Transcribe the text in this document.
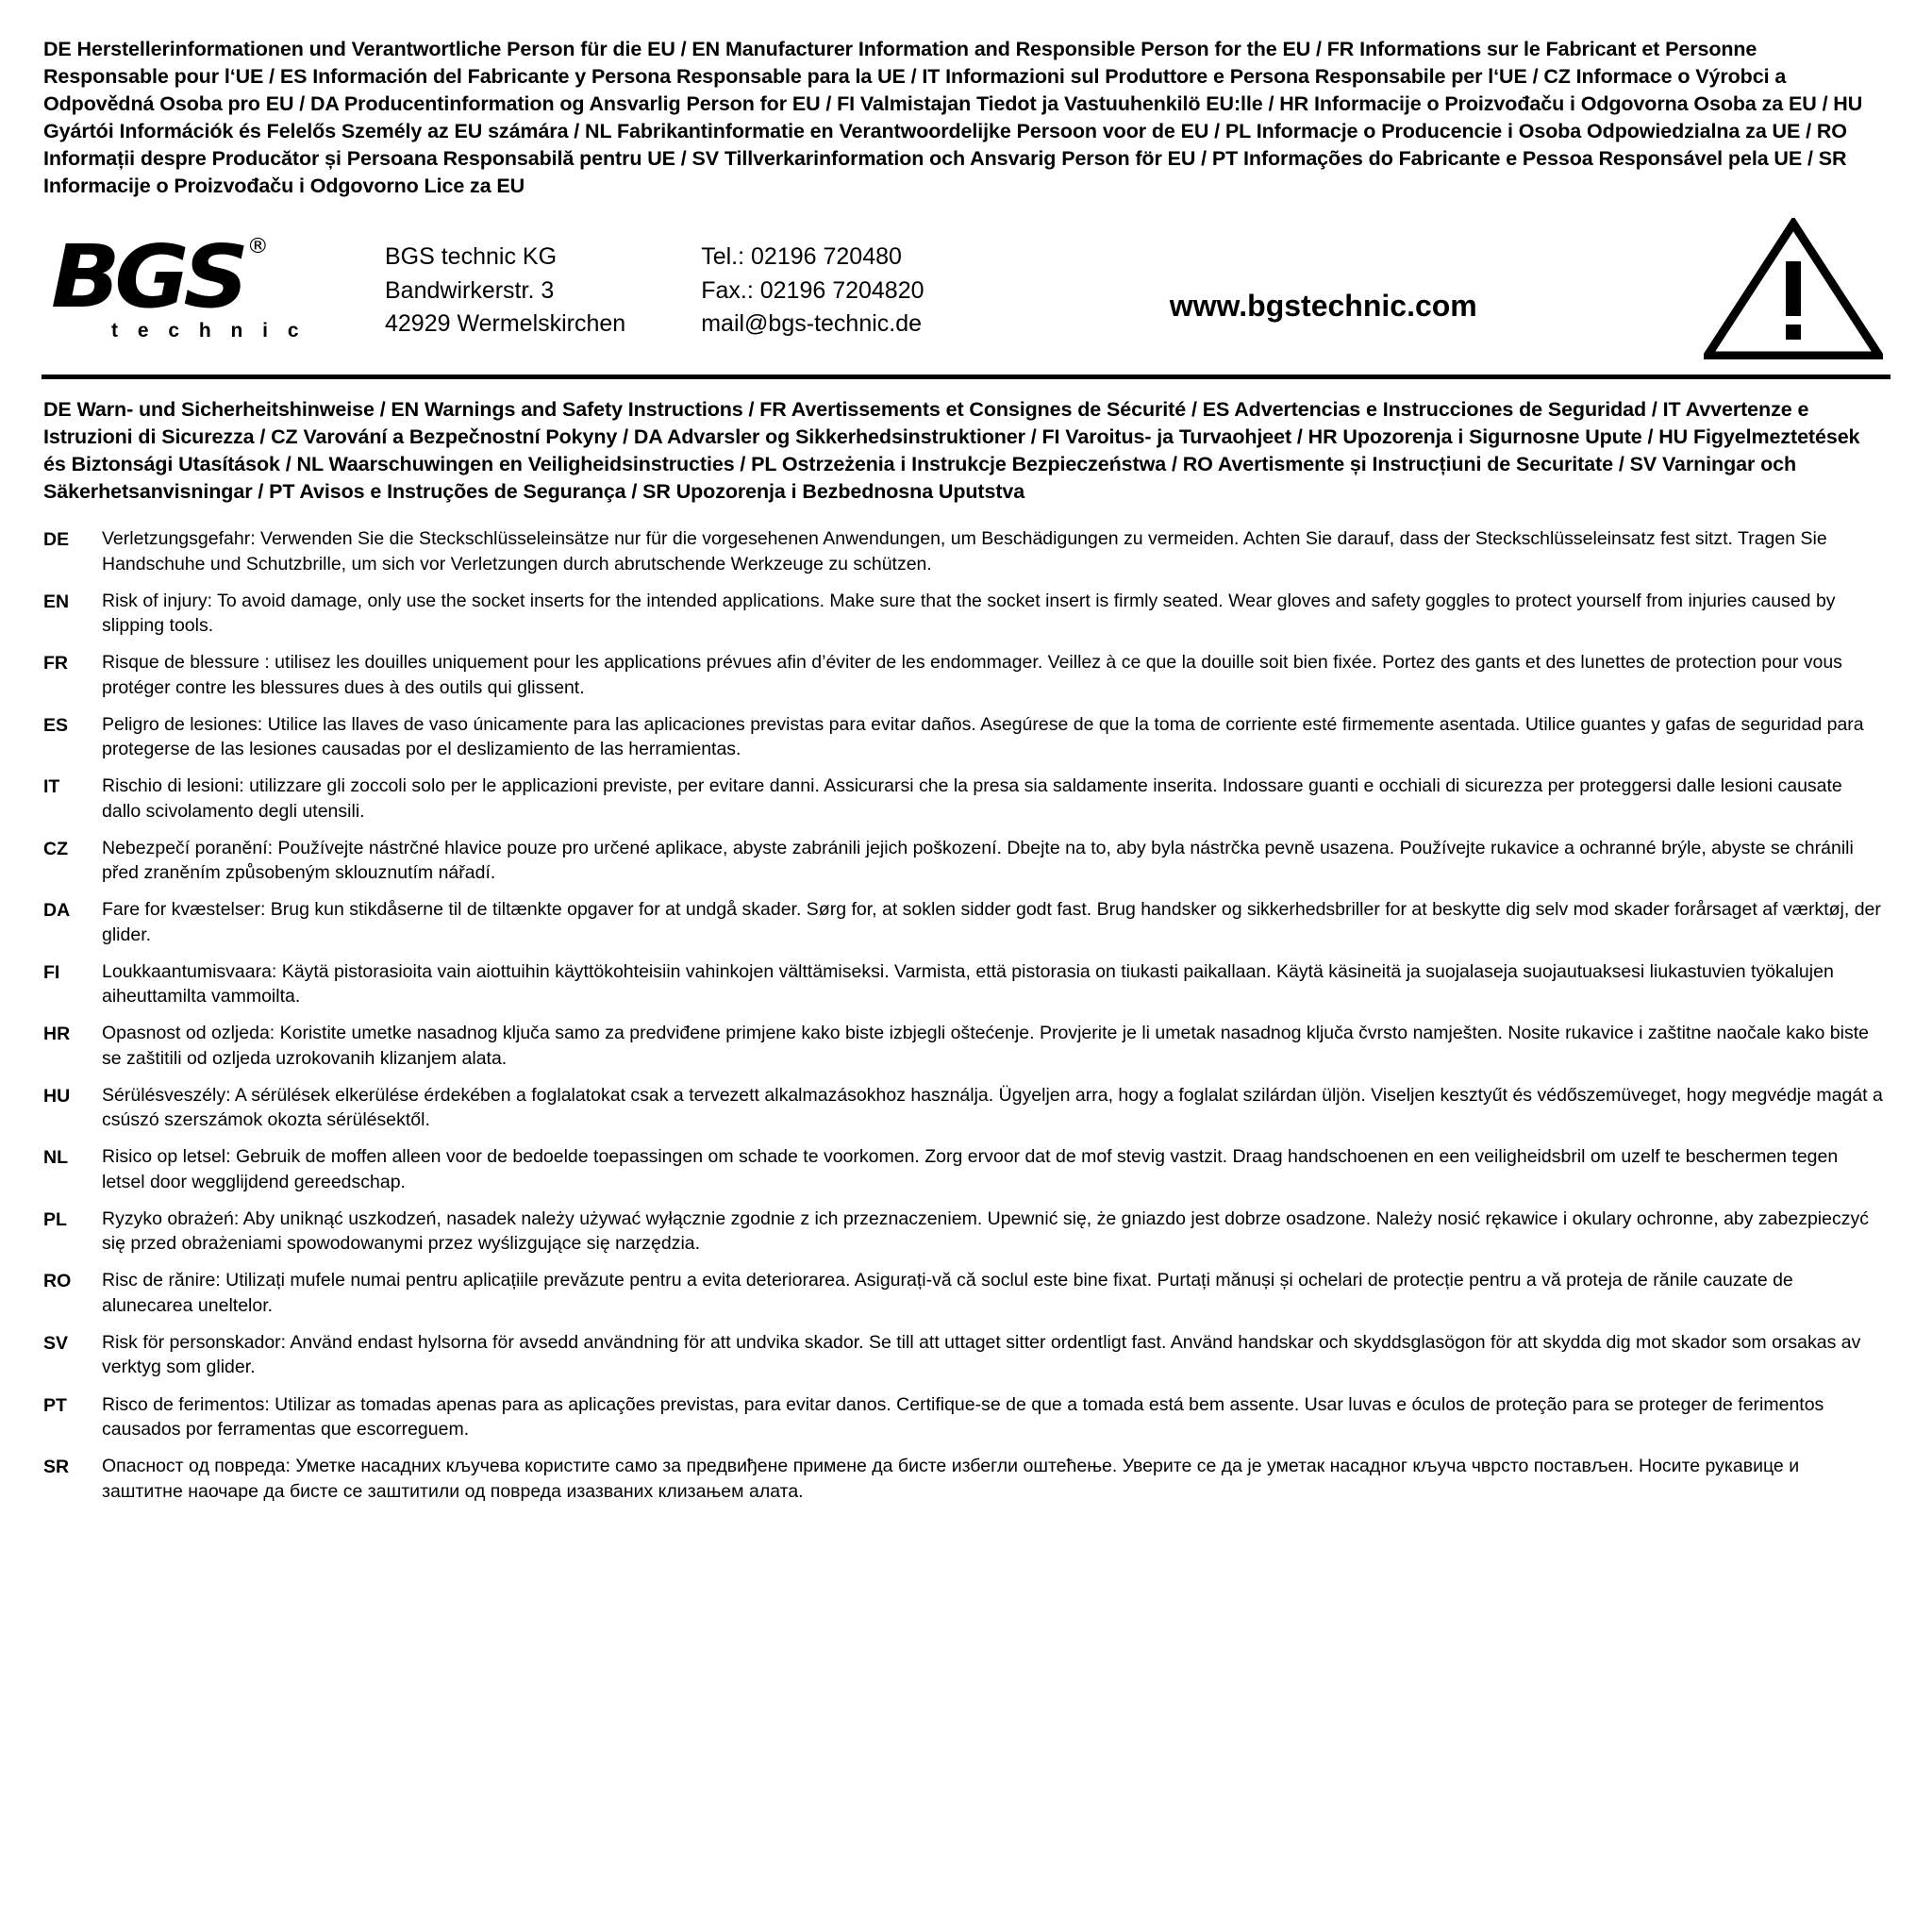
DE Herstellerinformationen und Verantwortliche Person für die EU / EN Manufacturer Information and Responsible Person for the EU / FR Informations sur le Fabricant et Personne Responsable pour l‘UE / ES Información del Fabricante y Persona Responsable para la UE / IT Informazioni sul Produttore e Persona Responsabile per l‘UE / CZ Informace o Výrobci a Odpovědná Osoba pro EU / DA Producentinformation og Ansvarlig Person for EU / FI Valmistajan Tiedot ja Vastuuhenkilö EU:lle / HR Informacije o Proizvođaču i Odgovorna Osoba za EU / HU Gyártói Információk és Felelős Személy az EU számára / NL Fabrikantinformatie en Verantwoordelijke Persoon voor de EU / PL Informacje o Producencie i Osoba Odpowiedzialna za UE / RO Informații despre Producător și Persoana Responsabilă pentru UE / SV Tillverkarinformation och Ansvarig Person för EU / PT Informações do Fabricante e Pessoa Responsável pela UE / SR Informacije o Proizvođaču i Odgovorno Lice za EU
BGS ®
t e c h n i c
BGS technic KG
Bandwirkerstr. 3
42929 Wermelskirchen
Tel.: 02196 720480
Fax.: 02196 7204820
mail@bgs-technic.de
www.bgstechnic.com
DE Warn- und Sicherheitshinweise / EN Warnings and Safety Instructions / FR Avertissements et Consignes de Sécurité / ES Advertencias e Instrucciones de Seguridad / IT Avvertenze e Istruzioni di Sicurezza / CZ Varování a Bezpečnostní Pokyny / DA Advarsler og Sikkerhedsinstruktioner / FI Varoitus- ja Turvaohjeet / HR Upozorenja i Sigurnosne Upute / HU Figyelmeztetések és Biztonsági Utasítások / NL Waarschuwingen en Veiligheidsinstructies / PL Ostrzeżenia i Instrukcje Bezpieczeństwa / RO Avertismente și Instrucțiuni de Securitate / SV Varningar och Säkerhetsanvisningar / PT Avisos e Instruções de Segurança / SR Upozorenja i Bezbednosna Uputstva
DE	Verletzungsgefahr: Verwenden Sie die Steckschlüsseleinsätze nur für die vorgesehenen Anwendungen, um Beschädigungen zu vermeiden. Achten Sie darauf, dass der Steckschlüsseleinsatz fest sitzt. Tragen Sie Handschuhe und Schutzbrille, um sich vor Verletzungen durch abrutschende Werkzeuge zu schützen.
EN	Risk of injury: To avoid damage, only use the socket inserts for the intended applications. Make sure that the socket insert is firmly seated. Wear gloves and safety goggles to protect yourself from injuries caused by slipping tools.
FR	Risque de blessure : utilisez les douilles uniquement pour les applications prévues afin d’éviter de les endommager. Veillez à ce que la douille soit bien fixée. Portez des gants et des lunettes de protection pour vous protéger contre les blessures dues à des outils qui glissent.
ES	Peligro de lesiones: Utilice las llaves de vaso únicamente para las aplicaciones previstas para evitar daños. Asegúrese de que la toma de corriente esté firmemente asentada. Utilice guantes y gafas de seguridad para protegerse de las lesiones causadas por el deslizamiento de las herramientas.
IT	Rischio di lesioni: utilizzare gli zoccoli solo per le applicazioni previste, per evitare danni. Assicurarsi che la presa sia saldamente inserita. Indossare guanti e occhiali di sicurezza per proteggersi dalle lesioni causate dallo scivolamento degli utensili.
CZ	Nebezpečí poranění: Používejte nástrčné hlavice pouze pro určené aplikace, abyste zabránili jejich poškození. Dbejte na to, aby byla nástrčka pevně usazena. Používejte rukavice a ochranné brýle, abyste se chránili před zraněním způsobeným sklouznutím nářadí.
DA	Fare for kvæstelser: Brug kun stikdåserne til de tiltænkte opgaver for at undgå skader. Sørg for, at soklen sidder godt fast. Brug handsker og sikkerhedsbriller for at beskytte dig selv mod skader forårsaget af værktøj, der glider.
FI	Loukkaantumisvaara: Käytä pistorasioita vain aiottuihin käyttökohteisiin vahinkojen välttämiseksi. Varmista, että pistorasia on tiukasti paikallaan. Käytä käsineitä ja suojalaseja suojautuaksesi liukastuvien työkalujen aiheuttamilta vammoilta.
HR	Opasnost od ozljeda: Koristite umetke nasadnog ključa samo za predviđene primjene kako biste izbjegli oštećenje. Provjerite je li umetak nasadnog ključa čvrsto namješten. Nosite rukavice i zaštitne naočale kako biste se zaštitili od ozljeda uzrokovanih klizanjem alata.
HU	Sérülésveszély: A sérülések elkerülése érdekében a foglalatokat csak a tervezett alkalmazásokhoz használja. Ügyeljen arra, hogy a foglalat szilárdan üljön. Viseljen kesztyűt és védőszemüveget, hogy megvédje magát a csúszó szerszámok okozta sérülésektől.
NL	Risico op letsel: Gebruik de moffen alleen voor de bedoelde toepassingen om schade te voorkomen. Zorg ervoor dat de mof stevig vastzit. Draag handschoenen en een veiligheidsbril om uzelf te beschermen tegen letsel door wegglijdend gereedschap.
PL	Ryzyko obrażeń: Aby uniknąć uszkodzeń, nasadek należy używać wyłącznie zgodnie z ich przeznaczeniem. Upewnić się, że gniazdo jest dobrze osadzone. Należy nosić rękawice i okulary ochronne, aby zabezpieczyć się przed obrażeniami spowodowanymi przez wyślizgujące się narzędzia.
RO	Risc de rănire: Utilizați mufele numai pentru aplicațiile prevăzute pentru a evita deteriorarea. Asigurați-vă că soclul este bine fixat. Purtați mănuși și ochelari de protecție pentru a vă proteja de rănile cauzate de alunecarea uneltelor.
SV	Risk för personskador: Använd endast hylsorna för avsedd användning för att undvika skador. Se till att uttaget sitter ordentligt fast. Använd handskar och skyddsglasögon för att skydda dig mot skador som orsakas av verktyg som glider.
PT	Risco de ferimentos: Utilizar as tomadas apenas para as aplicações previstas, para evitar danos. Certifique-se de que a tomada está bem assente. Usar luvas e óculos de proteção para se proteger de ferimentos causados por ferramentas que escorreguem.
SR	Опасност од повреда: Уметке насадних кључева користите само за предвиђене примене да бисте избегли оштећење. Уверите се да је уметак насадног кључа чврсто постављен. Носите рукавице и заштитне наочаре да бисте се заштитили од повреда изазваних клизањем алата.
